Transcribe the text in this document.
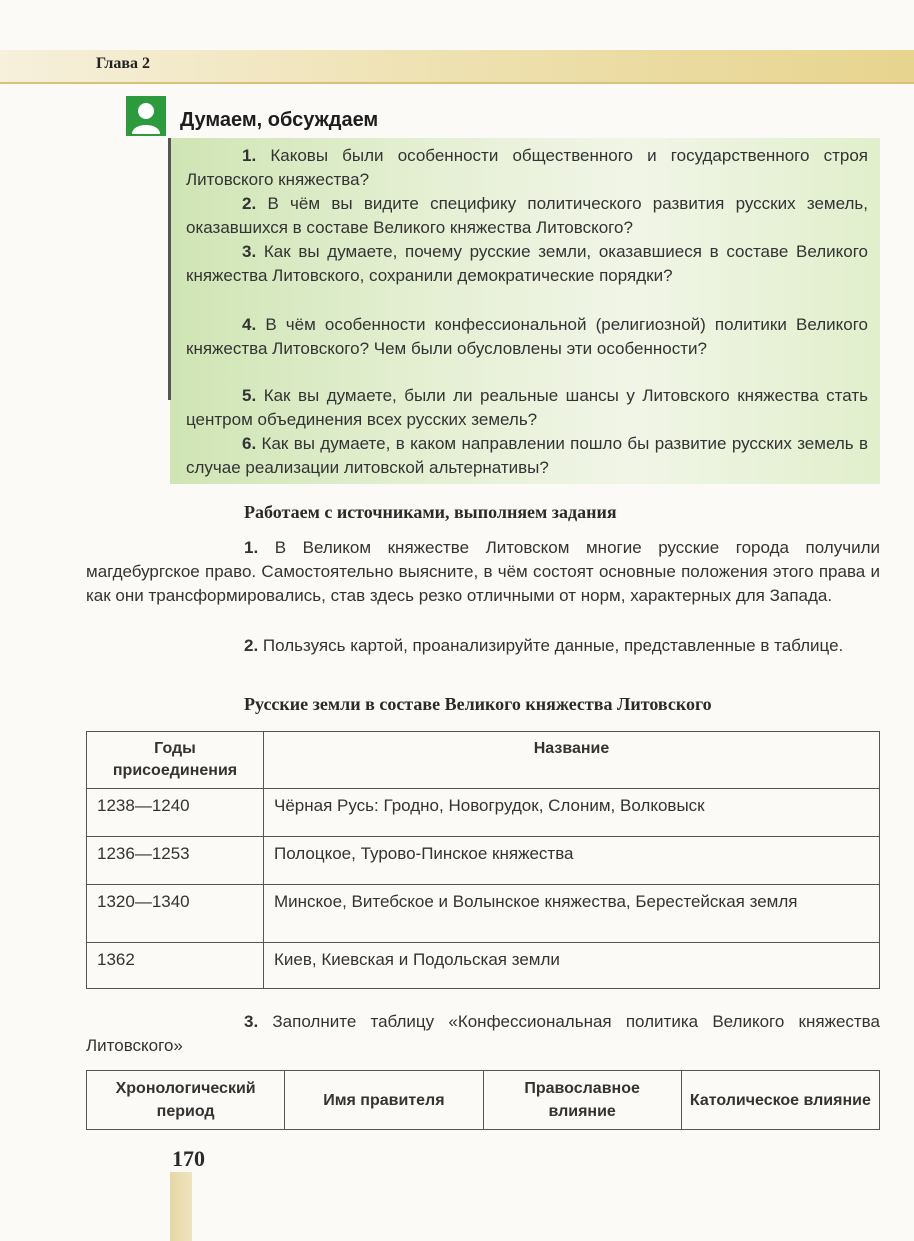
Глава 2
Думаем, обсуждаем
1. Каковы были особенности общественного и государственного строя Литовского княжества?
2. В чём вы видите специфику политического развития русских земель, оказавшихся в составе Великого княжества Литовского?
3. Как вы думаете, почему русские земли, оказавшиеся в составе Великого княжества Литовского, сохранили демократические порядки?
4. В чём особенности конфессиональной (религиозной) политики Великого княжества Литовского? Чем были обусловлены эти особенности?
5. Как вы думаете, были ли реальные шансы у Литовского княжества стать центром объединения всех русских земель?
6. Как вы думаете, в каком направлении пошло бы развитие русских земель в случае реализации литовской альтернативы?
Работаем с источниками, выполняем задания
1. В Великом княжестве Литовском многие русские города получили магдебургское право. Самостоятельно выясните, в чём состоят основные положения этого права и как они трансформировались, став здесь резко отличными от норм, характерных для Запада.
2. Пользуясь картой, проанализируйте данные, представленные в таблице.
Русские земли в составе Великого княжества Литовского
Годы присоединения	Название
1238—1240	Чёрная Русь: Гродно, Новогрудок, Слоним, Волковыск
1236—1253	Полоцкое, Турово-Пинское княжества
1320—1340	Минское, Витебское и Волынское княжества, Берестейская земля
1362	Киев, Киевская и Подольская земли
3. Заполните таблицу «Конфессиональная политика Великого княжества Литовского»
Хронологический период	Имя правителя	Православное влияние	Католическое влияние
170
